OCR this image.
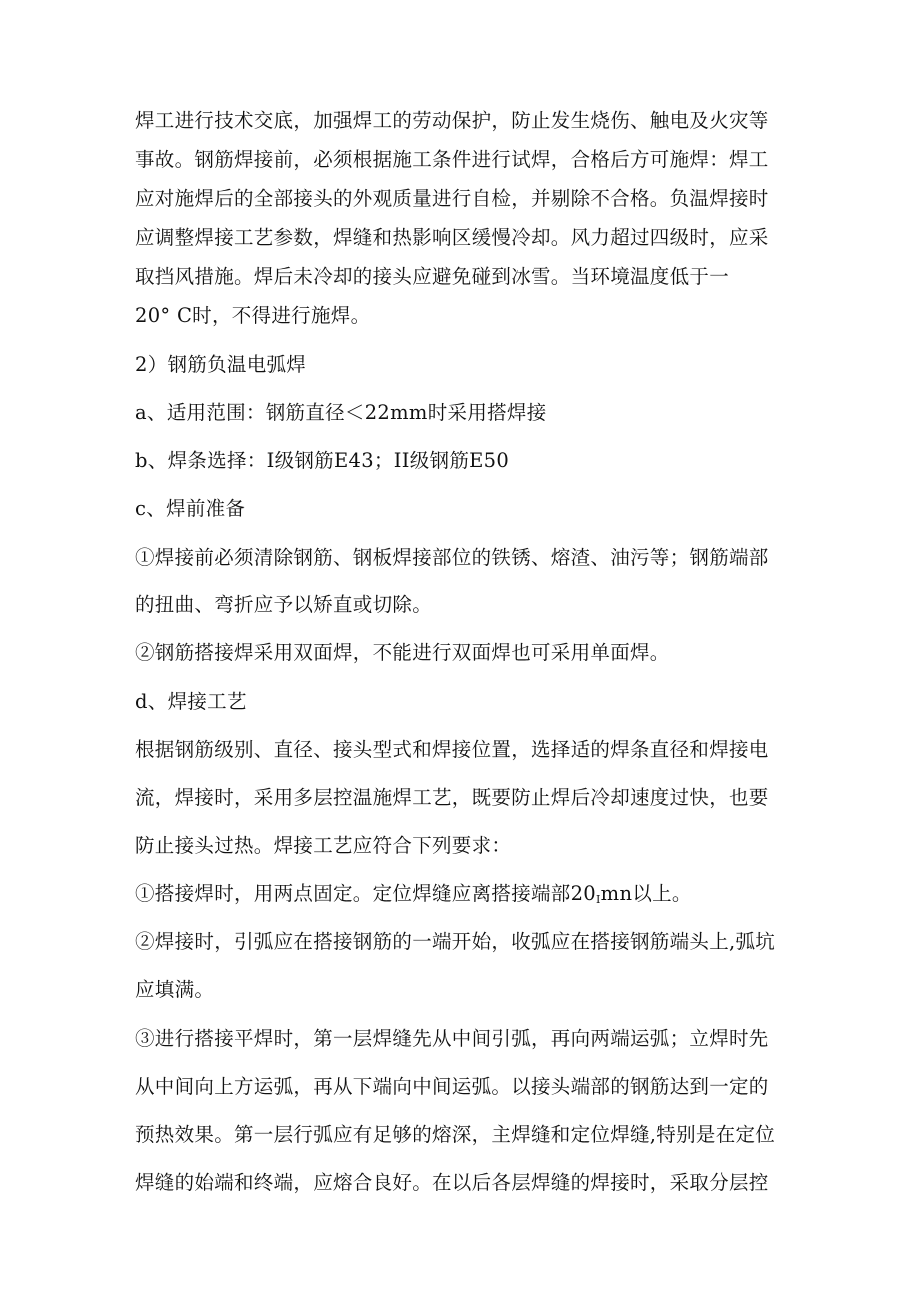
焊工进行技术交底，加强焊工的劳动保护，防止发生烧伤、触电及火灾等
事故。钢筋焊接前，必须根据施工条件进行试焊，合格后方可施焊：焊工
应对施焊后的全部接头的外观质量进行自检，并剔除不合格。负温焊接时
应调整焊接工艺参数，焊缝和热影响区缓慢冷却。风力超过四级时，应采
取挡风措施。焊后未冷却的接头应避免碰到冰雪。当环境温度低于一
20° C时，不得进行施焊。
2）钢筋负温电弧焊
a、适用范围：钢筋直径＜22mm时采用搭焊接
b、焊条选择：I级钢筋E43；II级钢筋E50
c、焊前准备
①焊接前必须清除钢筋、钢板焊接部位的铁锈、熔渣、油污等；钢筋端部
的扭曲、弯折应予以矫直或切除。
②钢筋搭接焊采用双面焊，不能进行双面焊也可采用单面焊。
d、焊接工艺
根据钢筋级别、直径、接头型式和焊接位置，选择适的焊条直径和焊接电
流，焊接时，采用多层控温施焊工艺，既要防止焊后冷却速度过快，也要
防止接头过热。焊接工艺应符合下列要求：
①搭接焊时，用两点固定。定位焊缝应离搭接端部$20_Imn$以上。
②焊接时，引弧应在搭接钢筋的一端开始，收弧应在搭接钢筋端头上,弧坑
应填满。
③进行搭接平焊时，第一层焊缝先从中间引弧，再向两端运弧；立焊时先
从中间向上方运弧，再从下端向中间运弧。以接头端部的钢筋达到一定的
预热效果。第一层行弧应有足够的熔深，主焊缝和定位焊缝,特别是在定位
焊缝的始端和终端，应熔合良好。在以后各层焊缝的焊接时，采取分层控
